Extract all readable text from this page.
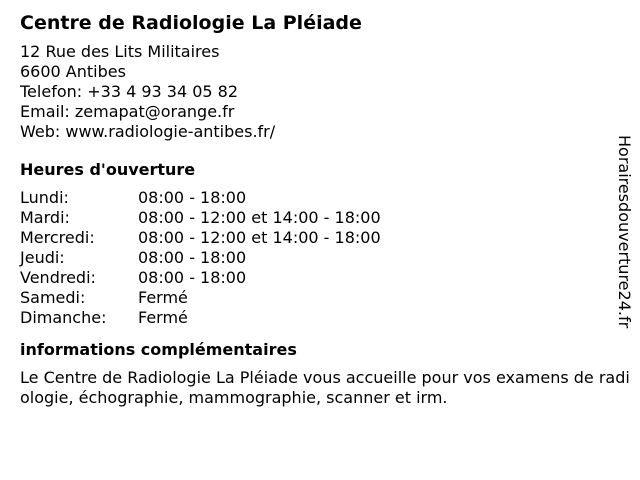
Centre de Radiologie La Pléiade
12 Rue des Lits Militaires
6600 Antibes
Telefon: +33 4 93 34 05 82
Email: zemapat@orange.fr
Web: www.radiologie-antibes.fr/
Heures d'ouverture
Lundi:	08:00 - 18:00
Mardi:	08:00 - 12:00 et 14:00 - 18:00
Mercredi:	08:00 - 12:00 et 14:00 - 18:00
Jeudi:	08:00 - 18:00
Vendredi:	08:00 - 18:00
Samedi:	Fermé
Dimanche:	Fermé
informations complémentaires
Le Centre de Radiologie La Pléiade vous accueille pour vos examens de radiologie, échographie, mammographie, scanner et irm.
Horairesdouverture24.fr
